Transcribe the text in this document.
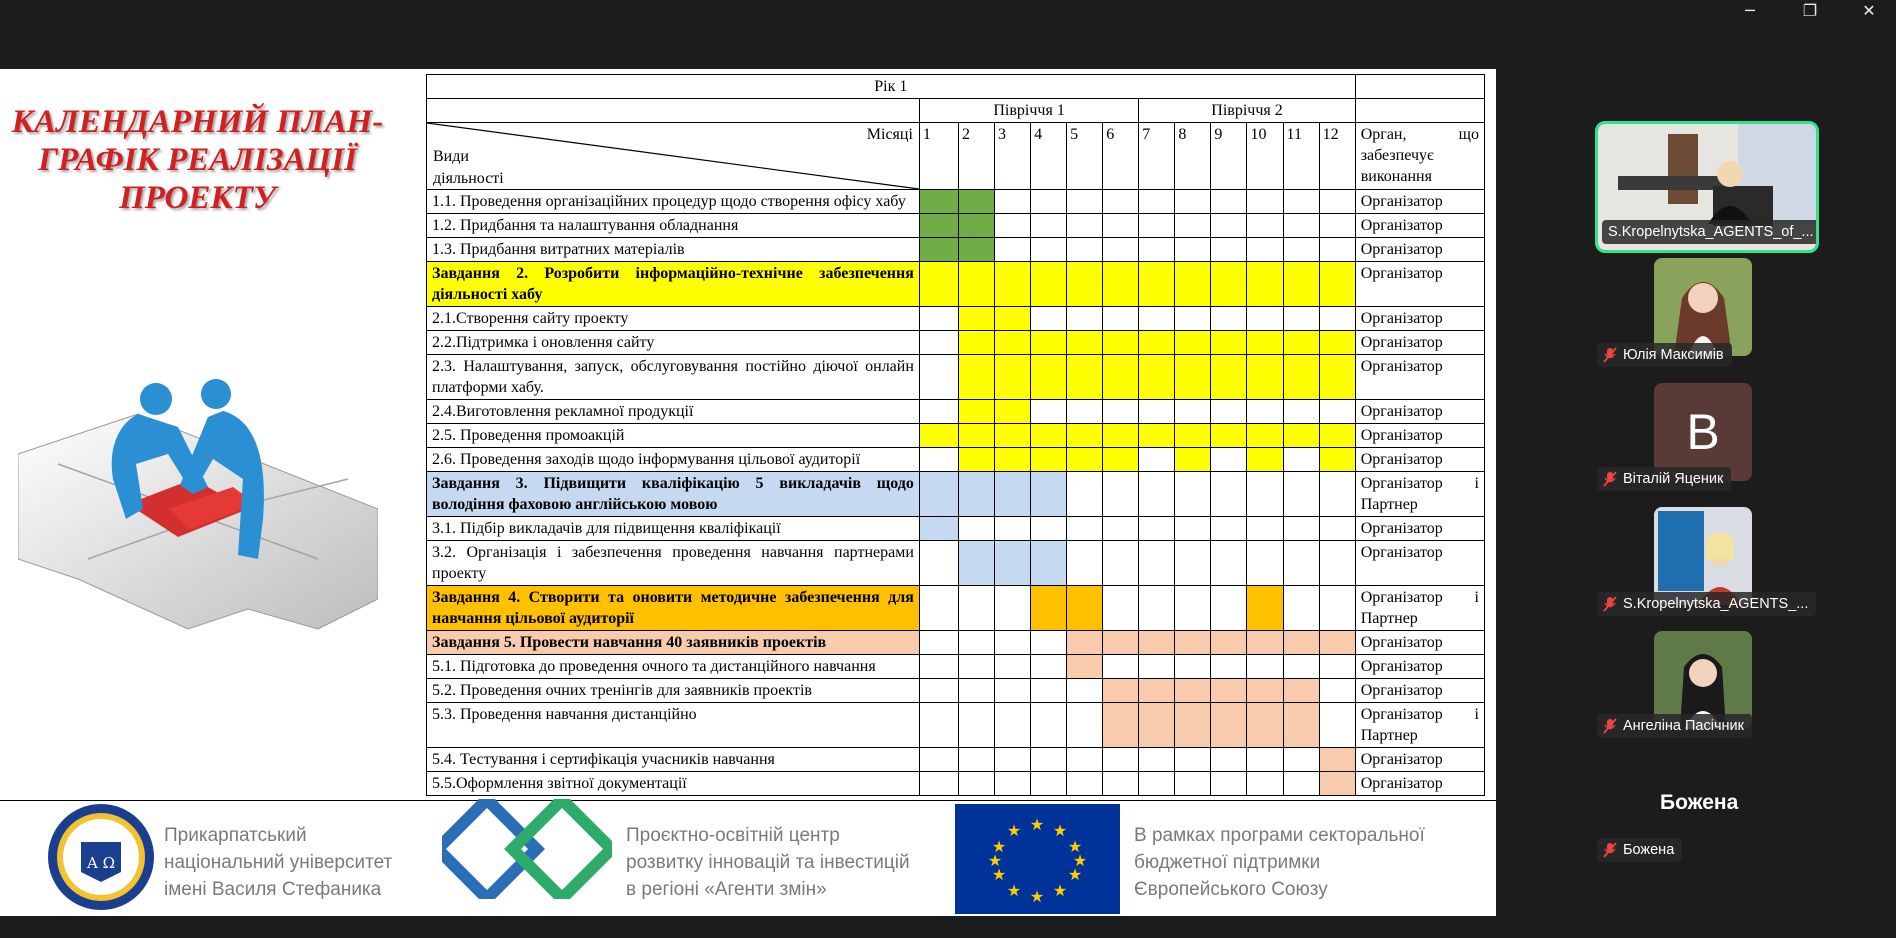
─	❐	✕
КАЛЕНДАРНИЙ ПЛАН-
ГРАФІК РЕАЛІЗАЦІЇ
ПРОЕКТУ
Рік 1													
	Півріччя 1						Півріччя 2						

Місяці
Види
діяльності	1	2	3	4	5	6	7	8	9	10	11	12	Орган, що забезпечує виконання
1.1. Проведення організаційних процедур щодо створення офісу хабу													Організатор
1.2. Придбання та налаштування обладнання													Організатор
1.3. Придбання витратних матеріалів													Організатор
Завдання 2. Розробити інформаційно-технічне забезпечення діяльності хабу													Організатор
2.1.Створення сайту проекту													Організатор
2.2.Підтримка і оновлення сайту													Організатор
2.3. Налаштування, запуск, обслуговування постійно діючої онлайн платформи хабу.													Організатор
2.4.Виготовлення рекламної продукції													Організатор
2.5. Проведення промоакцій													Організатор
2.6. Проведення заходів щодо інформування цільової аудиторії													Організатор
Завдання 3. Підвищити кваліфікацію 5 викладачів щодо володіння фаховою англійською мовою													Організатор і Партнер
3.1. Підбір викладачів для підвищення кваліфікації													Організатор
3.2. Організація і забезпечення проведення навчання партнерами проекту													Організатор
Завдання 4. Створити та оновити методичне забезпечення для навчання цільової аудиторії													Організатор і Партнер
Завдання 5. Провести навчання 40 заявників проектів													Організатор
5.1. Підготовка до проведення очного та дистанційного навчання													Організатор
5.2. Проведення очних тренінгів для заявників проектів													Організатор
5.3. Проведення навчання дистанційно													Організатор і Партнер
5.4. Тестування і сертифікація учасників навчання													Організатор
5.5.Оформлення звітної документації													Організатор
A Ω
Прикарпатський
національний університет
імені Василя Стефаника
Проєктно-освітній центр
розвитку інновацій та інвестицій
в регіоні «Агенти змін»
★ ★
★
★
★
★
★
★
★
★
★
★	В рамках програми секторальної
бюджетної підтримки
Європейського Союзу
S.Kropelnytska_AGENTS_of_...
Юлія Максимів
В
Віталій Яценик
S.Kropelnytska_AGENTS_...
Ангеліна Пасічник
Божена
Божена
